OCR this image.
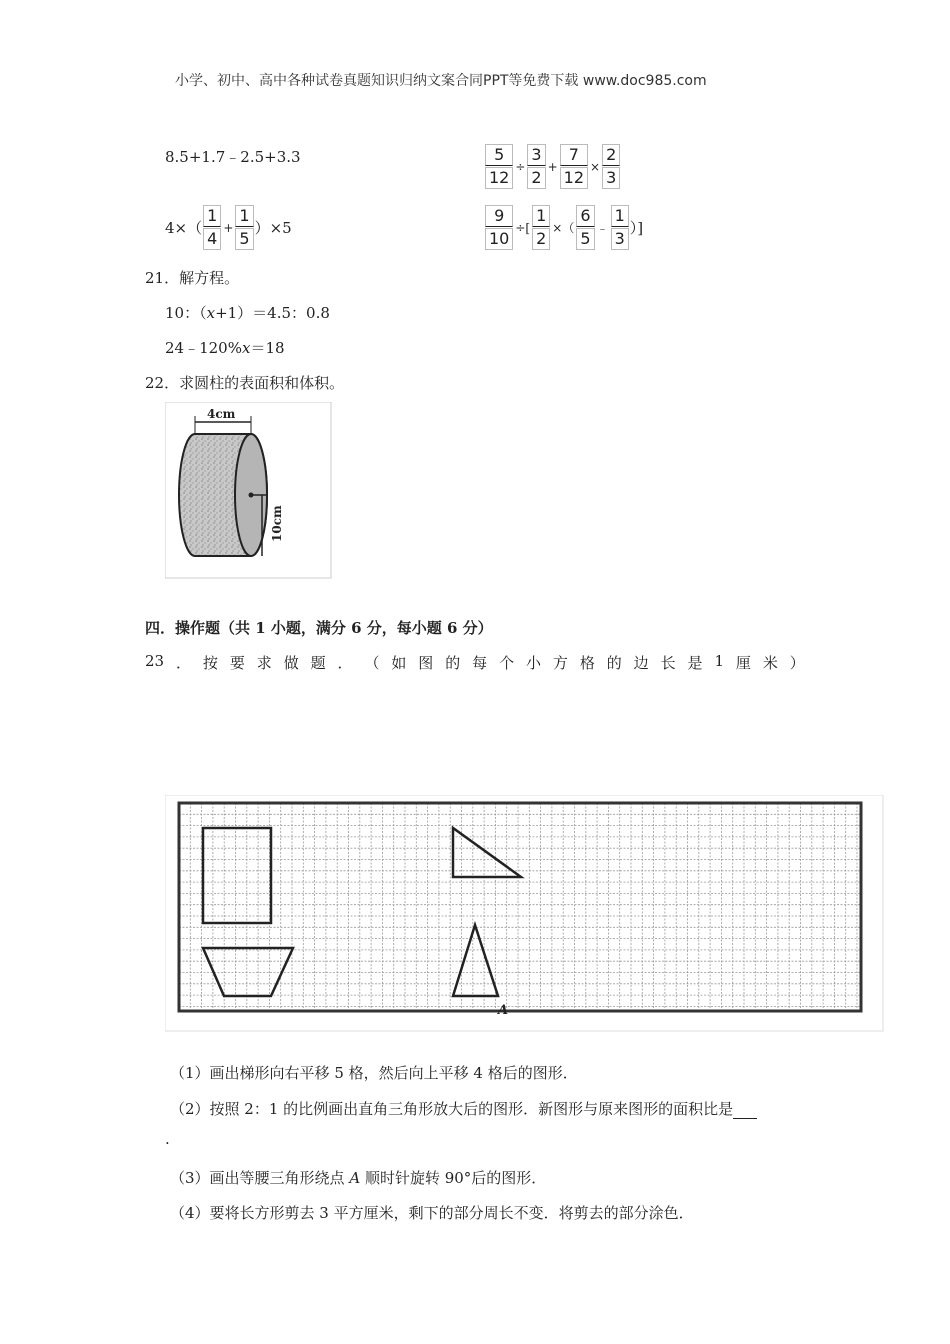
小学、初中、高中各种试卷真题知识归纳文案合同PPT等免费下载 www.doc985.com
8.5+1.7﹣2.5+3.3	$\frac{5}{12} \div \frac{3}{2} + \frac{7}{12} \times \frac{2}{3}$
$4\times( \frac{1}{4} + \frac{1}{5} )\times 5$	$\frac{9}{10}$ ÷[ $\frac{1}{2}$ ×（ $\frac{6}{5}$ ﹣ $\frac{1}{3}$ ）]
21．解方程。
10：（x+1）＝4.5：0.8
24﹣120%x＝18
22．求圆柱的表面积和体积。
4cm
10cm
四．操作题（共 1 小题，满分 6 分，每小题 6 分）
23 ． 按 要 求 做 题 ． （ 如 图 的 每 个 小 方 格 的 边 长 是 1 厘 米 ）
A
（1）画出梯形向右平移 5 格，然后向上平移 4 格后的图形．
（2）按照 2：1 的比例画出直角三角形放大后的图形．新图形与原来图形的面积比是
.
（3）画出等腰三角形绕点 A 顺时针旋转 90°后的图形．
（4）要将长方形剪去 3 平方厘米，剩下的部分周长不变．将剪去的部分涂色．
